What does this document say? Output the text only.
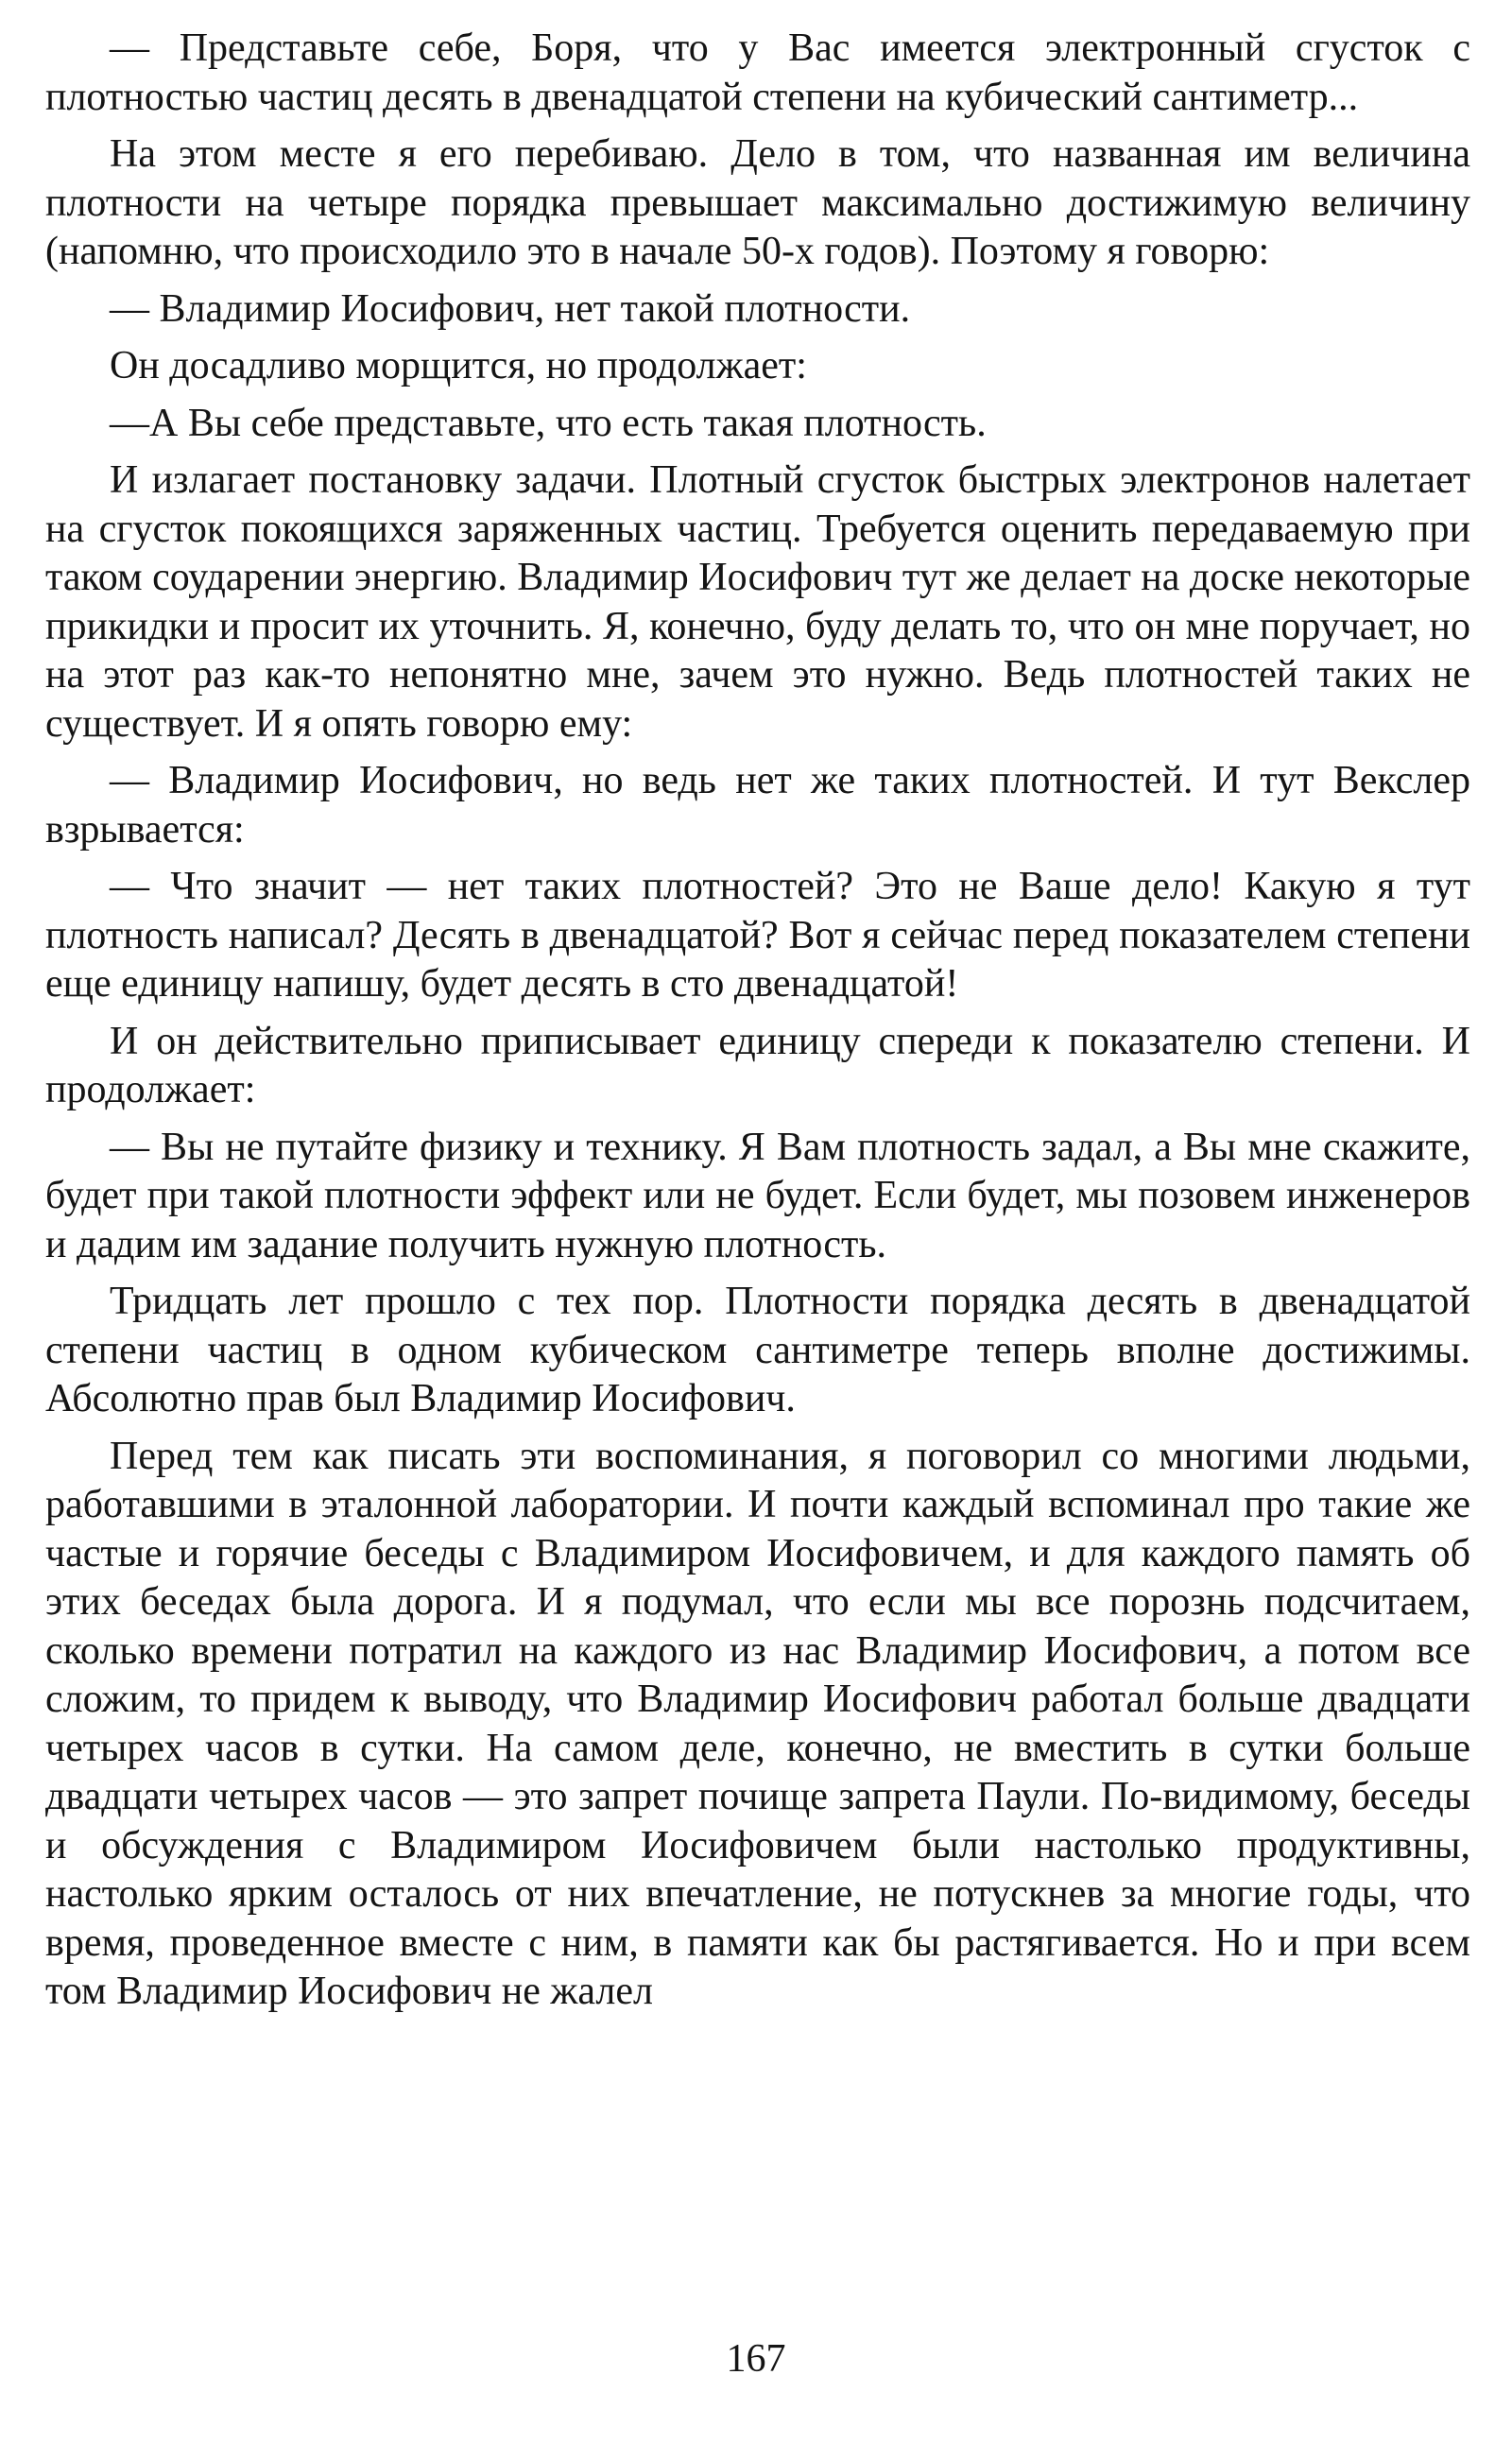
— Представьте себе, Боря, что у Вас имеется электронный сгусток с плотностью частиц десять в двенадцатой степени на кубический сантиметр...

На этом месте я его перебиваю. Дело в том, что названная им величина плотности на четыре порядка превышает максимально достижимую величину (напомню, что происходило это в начале 50-х годов). Поэтому я говорю:

— Владимир Иосифович, нет такой плотности.

Он досадливо морщится, но продолжает:

—А Вы себе представьте, что есть такая плотность.

И излагает постановку задачи. Плотный сгусток быстрых электронов налетает на сгусток покоящихся заряженных частиц. Требуется оценить передаваемую при таком соударении энергию. Владимир Иосифович тут же делает на доске некоторые прикидки и просит их уточнить. Я, конечно, буду делать то, что он мне поручает, но на этот раз как-то непонятно мне, зачем это нужно. Ведь плотностей таких не существует. И я опять говорю ему:

— Владимир Иосифович, но ведь нет же таких плотностей. И тут Векслер взрывается:

— Что значит — нет таких плотностей? Это не Ваше дело! Какую я тут плотность написал? Десять в двенадцатой? Вот я сейчас перед показателем степени еще единицу напишу, будет десять в сто двенадцатой!

И он действительно приписывает единицу спереди к показателю степени. И продолжает:

— Вы не путайте физику и технику. Я Вам плотность задал, а Вы мне скажите, будет при такой плотности эффект или не будет. Если будет, мы позовем инженеров и дадим им задание получить нужную плотность.

Тридцать лет прошло с тех пор. Плотности порядка десять в двенадцатой степени частиц в одном кубическом сантиметре теперь вполне достижимы. Абсолютно прав был Владимир Иосифович.

Перед тем как писать эти воспоминания, я поговорил со многими людьми, работавшими в эталонной лаборатории. И почти каждый вспоминал про такие же частые и горячие беседы с Владимиром Иосифовичем, и для каждого память об этих беседах была дорога. И я подумал, что если мы все порознь подсчитаем, сколько времени потратил на каждого из нас Владимир Иосифович, а потом все сложим, то придем к выводу, что Владимир Иосифович работал больше двадцати четырех часов в сутки. На самом деле, конечно, не вместить в сутки больше двадцати четырех часов — это запрет почище запрета Паули. По-видимому, беседы и обсуждения с Владимиром Иосифовичем были настолько продуктивны, настолько ярким осталось от них впечатление, не потускнев за многие годы, что время, проведенное вместе с ним, в памяти как бы растягивается. Но и при всем том Владимир Иосифович не жалел

167
